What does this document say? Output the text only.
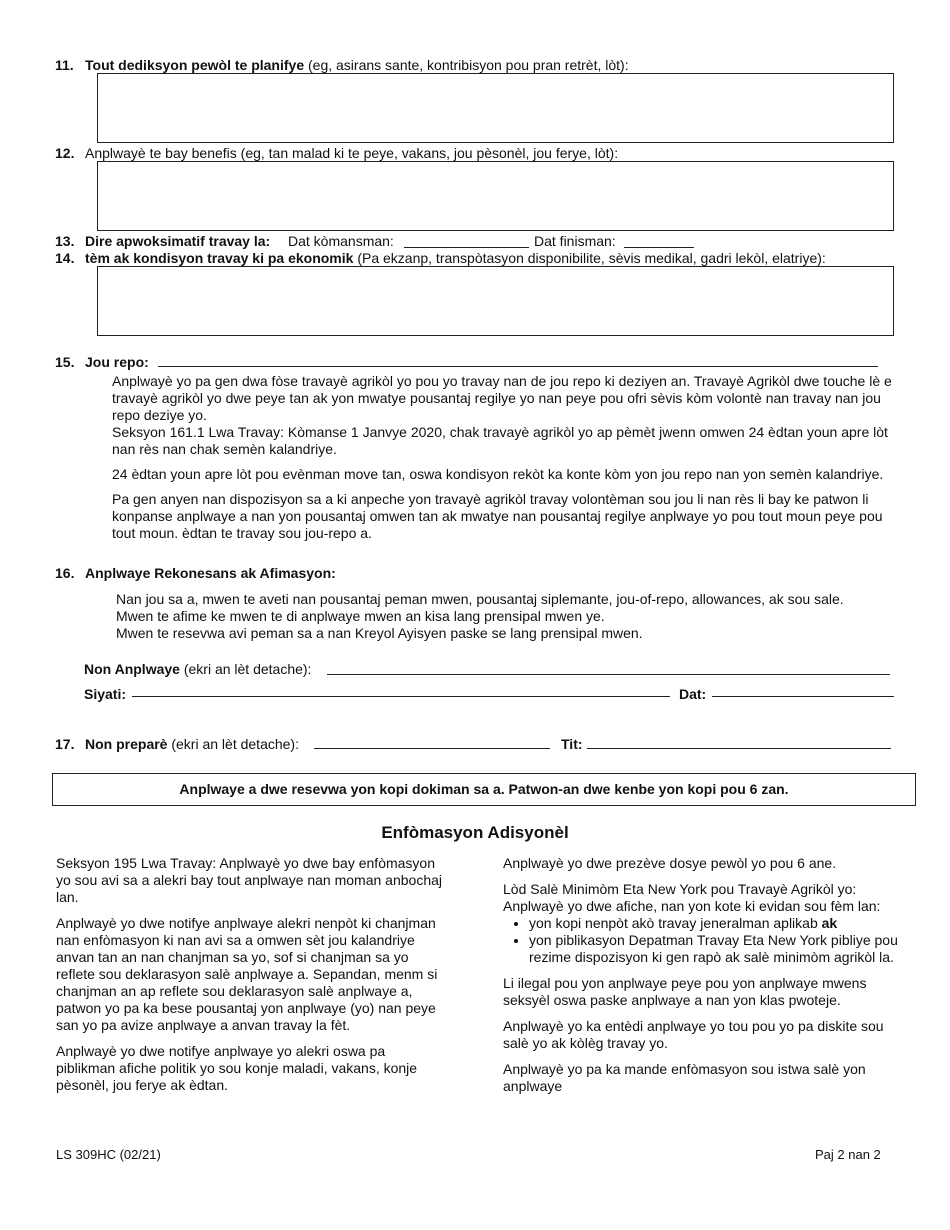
11. Tout dediksyon pewòl te planifye (eg, asirans sante, kontribisyon pou pran retrèt, lòt):
12. Anplwayè te bay benefis (eg, tan malad ki te peye, vakans, jou pèsonèl, jou ferye, lòt):
13. Dire apwoksimatif travay la: Dat kòmansman:	Dat finisman:
14. tèm ak kondisyon travay ki pa ekonomik (Pa ekzanp, transpòtasyon disponibilite, sèvis medikal, gadri lekòl, elatriye):
15. Jou repo:

Anplwayè yo pa gen dwa fòse travayè agrikòl yo pou yo travay nan de jou repo ki deziyen an. Travayè Agrikòl dwe touche lè e travayè agrikòl yo dwe peye tan ak yon mwatye pousantaj regilye yo nan peye pou ofri sèvis kòm volontè nan travay nan jou repo deziye yo.

Seksyon 161.1 Lwa Travay: Kòmanse 1 Janvye 2020, chak travayè agrikòl yo ap pèmèt jwenn omwen 24 èdtan youn apre lòt nan rès nan chak semèn kalandriye.

24 èdtan youn apre lòt pou evènman move tan, oswa kondisyon rekòt ka konte kòm yon jou repo nan yon semèn kalandriye.

Pa gen anyen nan dispozisyon sa a ki anpeche yon travayè agrikòl travay volontèman sou jou li nan rès li bay ke patwon li konpanse anplwaye a nan yon pousantaj omwen tan ak mwatye nan pousantaj regilye anplwaye yo pou tout moun peye pou tout moun. èdtan te travay sou jou-repo a.

16. Anplwaye Rekonesans ak Afimasyon:
Nan jou sa a, mwen te aveti nan pousantaj peman mwen, pousantaj siplemante, jou-of-repo, allowances, ak sou sale.
Mwen te afime ke mwen te di anplwaye mwen an kisa lang prensipal mwen ye.
Mwen te resevwa avi peman sa a nan Kreyol Ayisyen paske se lang prensipal mwen.
Non Anplwaye (ekri an lèt detache):
Siyati:	Dat:
17. Non preparè (ekri an lèt detache):	Tit:
Anplwaye a dwe resevwa yon kopi dokiman sa a. Patwon-an dwe kenbe yon kopi pou 6 zan.
Enfòmasyon Adisyonèl

Seksyon 195 Lwa Travay: Anplwayè yo dwe bay enfòmasyon yo sou avi sa a alekri bay tout anplwaye nan moman anbochaj lan.

Anplwayè yo dwe notifye anplwaye alekri nenpòt ki chanjman nan enfòmasyon ki nan avi sa a omwen sèt jou kalandriye anvan tan an nan chanjman sa yo, sof si chanjman sa yo reflete sou deklarasyon salè anplwaye a. Sepandan, menm si chanjman an ap reflete sou deklarasyon salè anplwaye a, patwon yo pa ka bese pousantaj yon anplwaye (yo) nan peye san yo pa avize anplwaye a anvan travay la fèt.

Anplwayè yo dwe notifye anplwaye yo alekri oswa pa piblikman afiche politik yo sou konje maladi, vakans, konje pèsonèl, jou ferye ak èdtan.

Anplwayè yo dwe prezève dosye pewòl yo pou 6 ane.

Lòd Salè Minimòm Eta New York pou Travayè Agrikòl yo: Anplwayè yo dwe afiche, nan yon kote ki evidan sou fèm lan:

• yon kopi nenpòt akò travay jeneralman aplikab ak
• yon piblikasyon Depatman Travay Eta New York pibliye pou rezime dispozisyon ki gen rapò ak salè minimòm agrikòl la.

Li ilegal pou yon anplwaye peye pou yon anplwaye mwens seksyèl oswa paske anplwaye a nan yon klas pwoteje.

Anplwayè yo ka entèdi anplwaye yo tou pou yo pa diskite sou salè yo ak kòlèg travay yo.

Anplwayè yo pa ka mande enfòmasyon sou istwa salè yon anplwaye

LS 309HC (02/21)	Paj 2 nan 2
